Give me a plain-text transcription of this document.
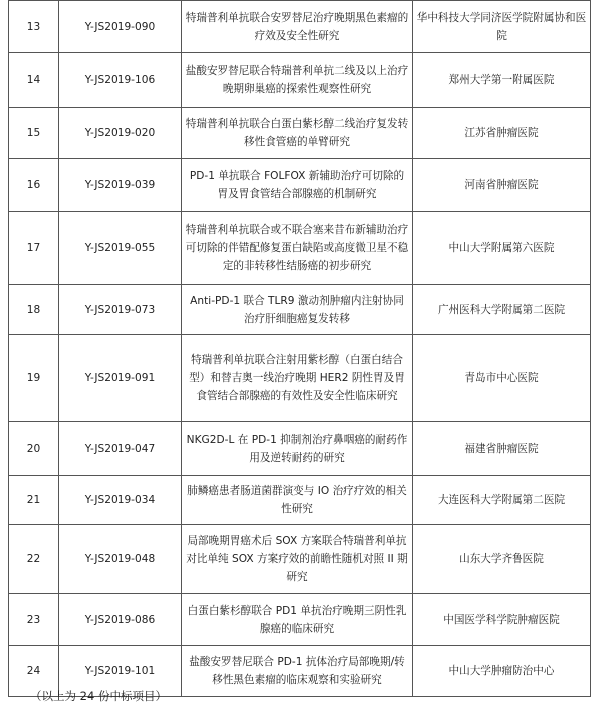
13	Y-JS2019-090	特瑞普利单抗联合安罗替尼治疗晚期黑色素瘤的疗效及安全性研究	华中科技大学同济医学院附属协和医院
14	Y-JS2019-106	盐酸安罗替尼联合特瑞普利单抗二线及以上治疗晚期卵巢癌的探索性观察性研究	郑州大学第一附属医院
15	Y-JS2019-020	特瑞普利单抗联合白蛋白紫杉醇二线治疗复发转移性食管癌的单臂研究	江苏省肿瘤医院
16	Y-JS2019-039	PD-1 单抗联合 FOLFOX 新辅助治疗可切除的胃及胃食管结合部腺癌的机制研究	河南省肿瘤医院
17	Y-JS2019-055	特瑞普利单抗联合或不联合塞来昔布新辅助治疗可切除的伴错配修复蛋白缺陷或高度微卫星不稳定的非转移性结肠癌的初步研究	中山大学附属第六医院
18	Y-JS2019-073	Anti-PD-1 联合 TLR9 激动剂肿瘤内注射协同治疗肝细胞癌复发转移	广州医科大学附属第二医院
19	Y-JS2019-091	特瑞普利单抗联合注射用紫杉醇（白蛋白结合型）和替吉奥一线治疗晚期 HER2 阴性胃及胃食管结合部腺癌的有效性及安全性临床研究	青岛市中心医院
20	Y-JS2019-047	NKG2D-L 在 PD-1 抑制剂治疗鼻咽癌的耐药作用及逆转耐药的研究	福建省肿瘤医院
21	Y-JS2019-034	肺鳞癌患者肠道菌群演变与 IO 治疗疗效的相关性研究	大连医科大学附属第二医院
22	Y-JS2019-048	局部晚期胃癌术后 SOX 方案联合特瑞普利单抗对比单纯 SOX 方案疗效的前瞻性随机对照 II 期研究	山东大学齐鲁医院
23	Y-JS2019-086	白蛋白紫杉醇联合 PD1 单抗治疗晚期三阴性乳腺癌的临床研究	中国医学科学院肿瘤医院
24	Y-JS2019-101	盐酸安罗替尼联合 PD-1 抗体治疗局部晚期/转移性黑色素瘤的临床观察和实验研究	中山大学肿瘤防治中心
（以上为 24 份中标项目）
